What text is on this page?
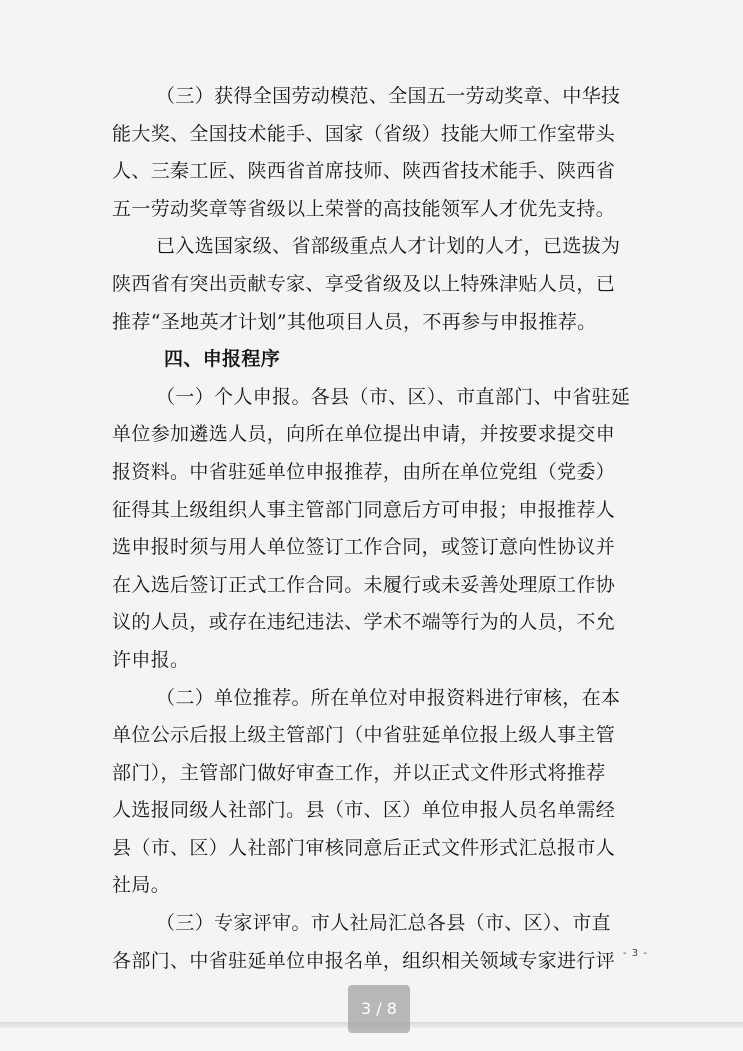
（三）获得全国劳动模范、全国五一劳动奖章、中华技
能大奖、全国技术能手、国家（省级）技能大师工作室带头
人、三秦工匠、陕西省首席技师、陕西省技术能手、陕西省
五一劳动奖章等省级以上荣誉的高技能领军人才优先支持。
已入选国家级、省部级重点人才计划的人才，已选拔为
陕西省有突出贡献专家、享受省级及以上特殊津贴人员，已
推荐“圣地英才计划”其他项目人员，不再参与申报推荐。
四、申报程序
（一）个人申报。各县（市、区）、市直部门、中省驻延
单位参加遴选人员，向所在单位提出申请，并按要求提交申
报资料。中省驻延单位申报推荐，由所在单位党组（党委）
征得其上级组织人事主管部门同意后方可申报；申报推荐人
选申报时须与用人单位签订工作合同，或签订意向性协议并
在入选后签订正式工作合同。未履行或未妥善处理原工作协
议的人员，或存在违纪违法、学术不端等行为的人员，不允
许申报。
（二）单位推荐。所在单位对申报资料进行审核，在本
单位公示后报上级主管部门（中省驻延单位报上级人事主管
部门），主管部门做好审查工作，并以正式文件形式将推荐
人选报同级人社部门。县（市、区）单位申报人员名单需经
县（市、区）人社部门审核同意后正式文件形式汇总报市人
社局。
（三）专家评审。市人社局汇总各县（市、区）、市直
各部门、中省驻延单位申报名单，组织相关领域专家进行评 - 3 -
3 / 8
